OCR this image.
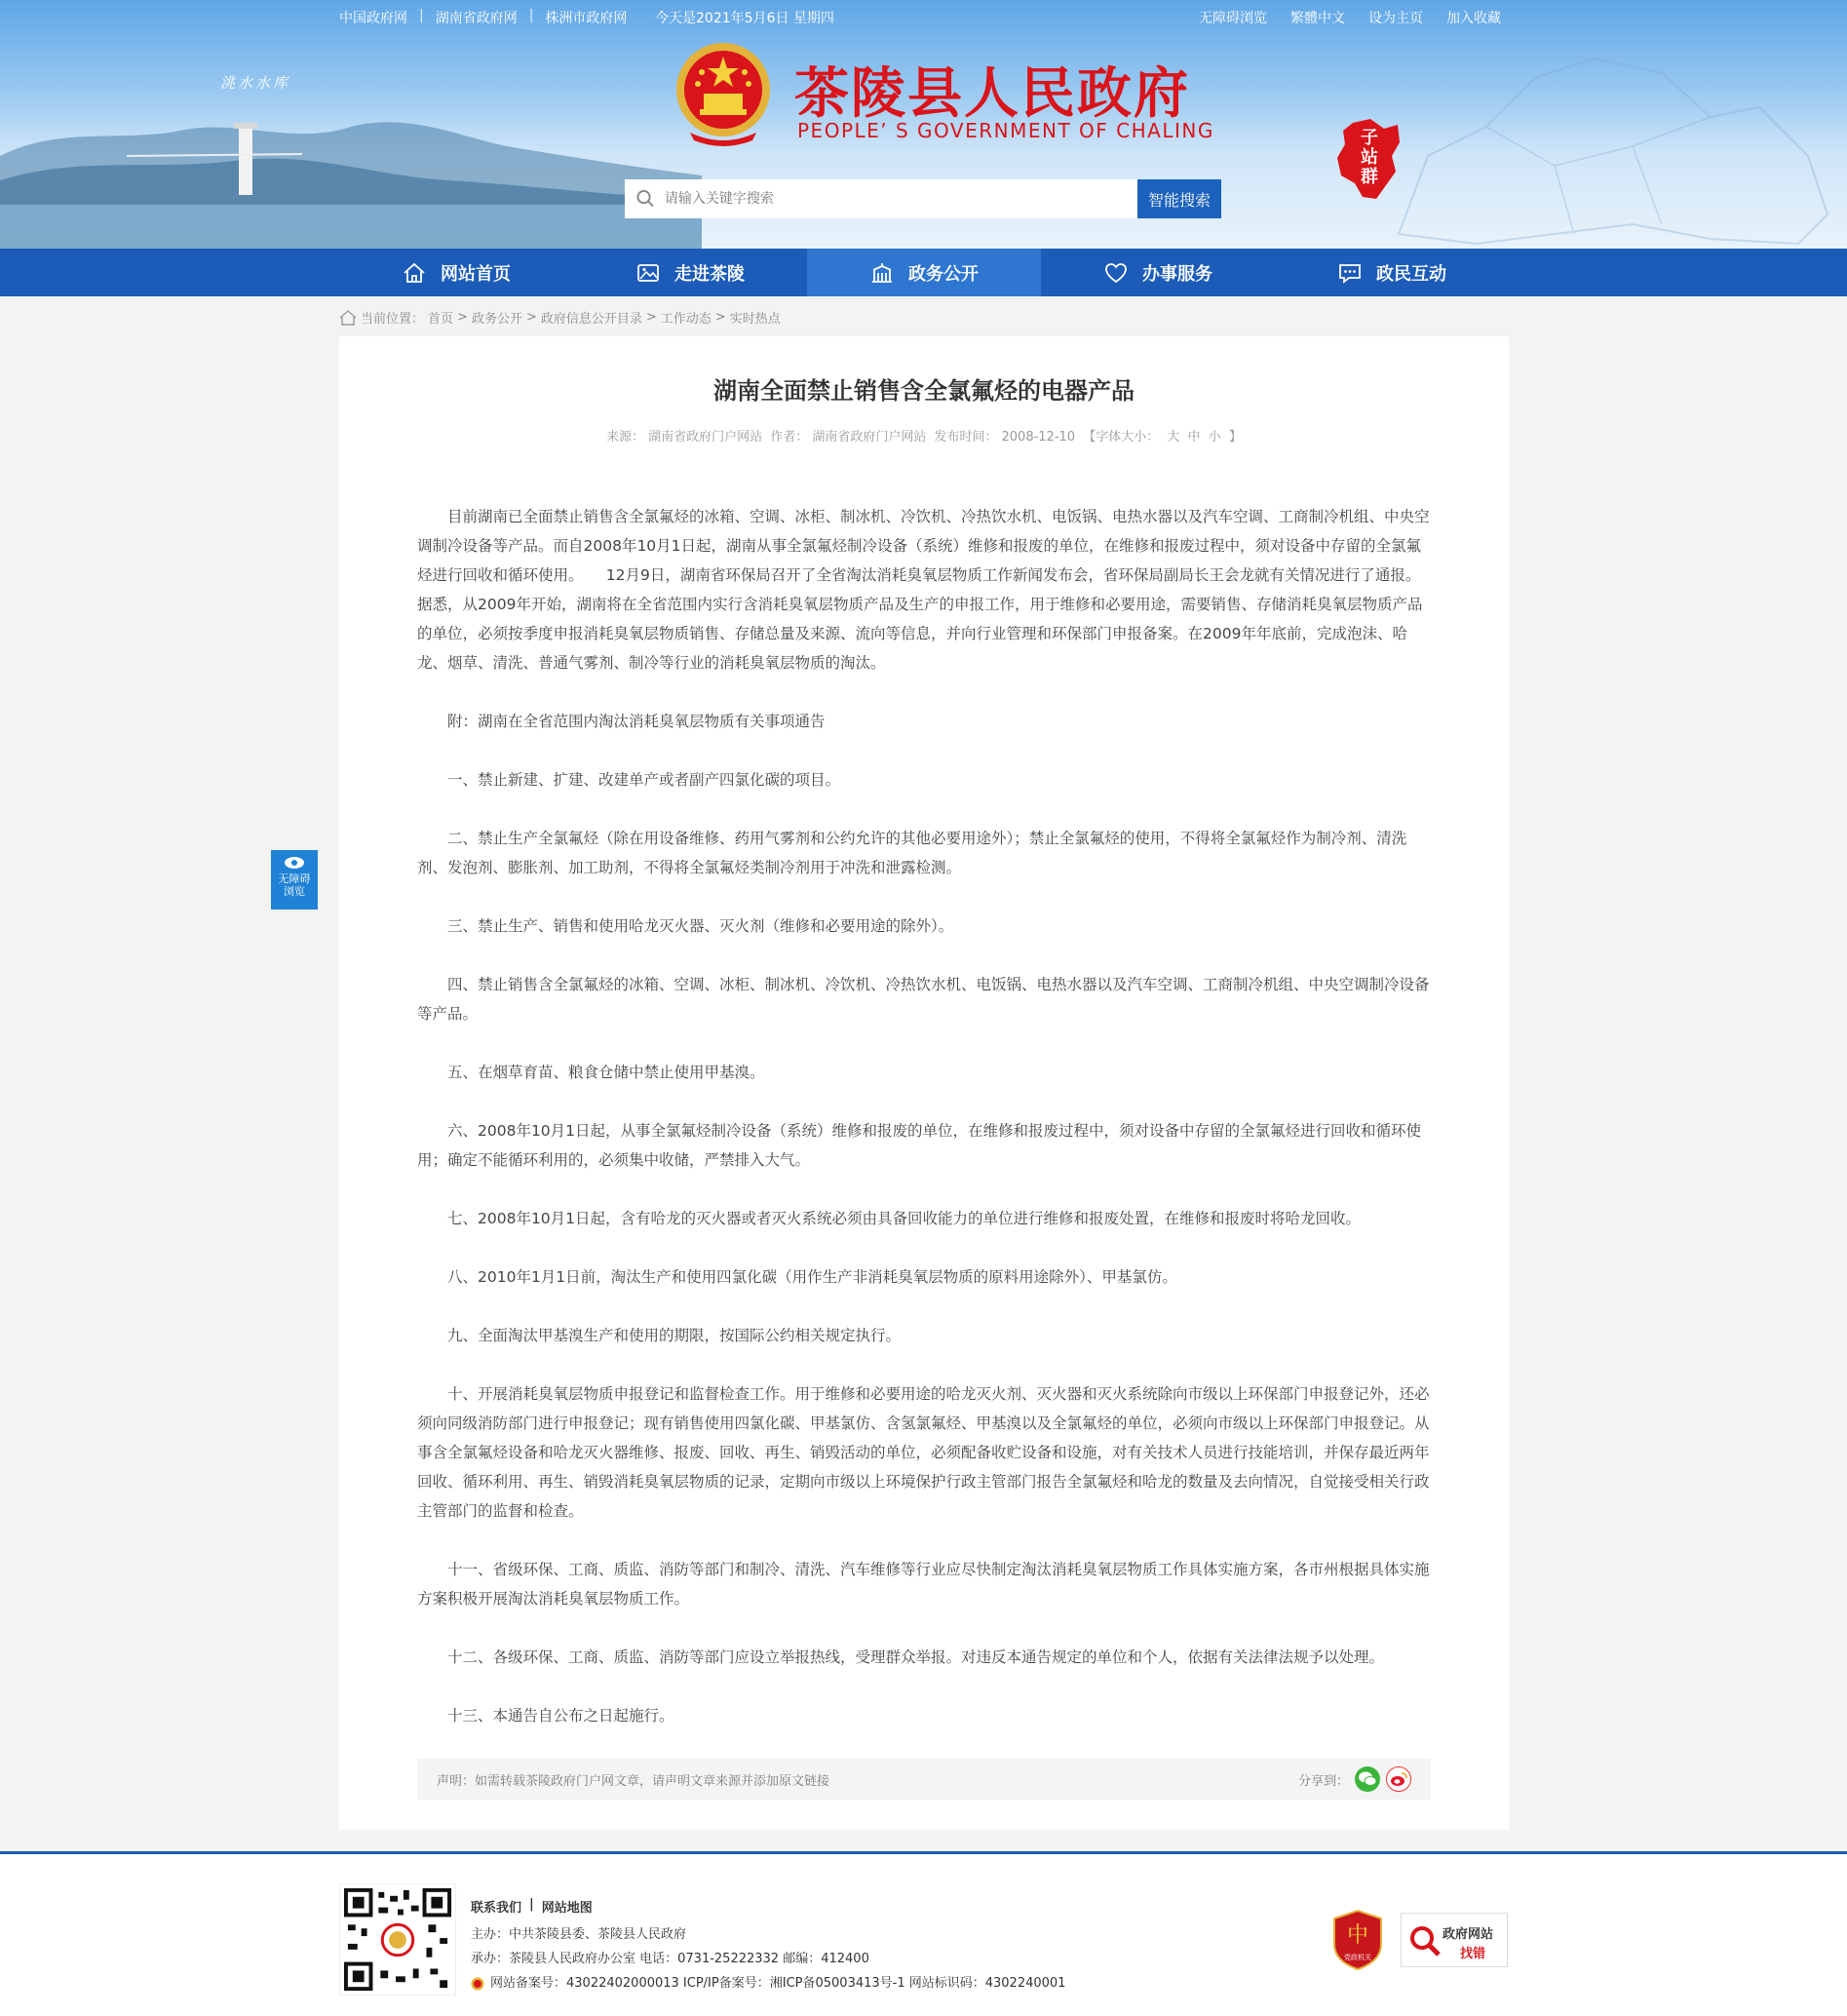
中国政府网 | 湖南省政府网 | 株洲市政府网 今天是2021年5月6日 星期四	无障碍浏览 繁體中文 设为主页 加入收藏
洮水水库	茶陵县人民政府
PEOPLE’ S GOVERNMENT OF CHALING	子站群
请输入关键字搜索
智能搜索
网站首页	走进茶陵	政务公开	办事服务	政民互动
当前位置： 首页 > 政务公开 > 政府信息公开目录 > 工作动态 > 实时热点
无障碍
浏览
湖南全面禁止销售含全氯氟烃的电器产品
来源： 湖南省政府门户网站 作者： 湖南省政府门户网站 发布时间： 2008-12-10 【字体大小： 大 中 小 】

目前湖南已全面禁止销售含全氯氟烃的冰箱、空调、冰柜、制冰机、冷饮机、冷热饮水机、电饭锅、电热水器以及汽车空调、工商制冷机组、中央空调制冷设备等产品。而自2008年10月1日起，湖南从事全氯氟烃制冷设备（系统）维修和报废的单位，在维修和报废过程中，须对设备中存留的全氯氟烃进行回收和循环使用。　　12月9日，湖南省环保局召开了全省淘汰消耗臭氧层物质工作新闻发布会，省环保局副局长王会龙就有关情况进行了通报。　　据悉，从2009年开始，湖南将在全省范围内实行含消耗臭氧层物质产品及生产的申报工作，用于维修和必要用途，需要销售、存储消耗臭氧层物质产品的单位，必须按季度申报消耗臭氧层物质销售、存储总量及来源、流向等信息，并向行业管理和环保部门申报备案。在2009年年底前，完成泡沫、哈龙、烟草、清洗、普通气雾剂、制冷等行业的消耗臭氧层物质的淘汰。

附：湖南在全省范围内淘汰消耗臭氧层物质有关事项通告

一、禁止新建、扩建、改建单产或者副产四氯化碳的项目。

二、禁止生产全氯氟烃（除在用设备维修、药用气雾剂和公约允许的其他必要用途外）；禁止全氯氟烃的使用，不得将全氯氟烃作为制冷剂、清洗剂、发泡剂、膨胀剂、加工助剂，不得将全氯氟烃类制冷剂用于冲洗和泄露检测。

三、禁止生产、销售和使用哈龙灭火器、灭火剂（维修和必要用途的除外）。

四、禁止销售含全氯氟烃的冰箱、空调、冰柜、制冰机、冷饮机、冷热饮水机、电饭锅、电热水器以及汽车空调、工商制冷机组、中央空调制冷设备等产品。

五、在烟草育苗、粮食仓储中禁止使用甲基溴。

六、2008年10月1日起，从事全氯氟烃制冷设备（系统）维修和报废的单位，在维修和报废过程中，须对设备中存留的全氯氟烃进行回收和循环使用；确定不能循环利用的，必须集中收储，严禁排入大气。

七、2008年10月1日起，含有哈龙的灭火器或者灭火系统必须由具备回收能力的单位进行维修和报废处置，在维修和报废时将哈龙回收。

八、2010年1月1日前，淘汰生产和使用四氯化碳（用作生产非消耗臭氧层物质的原料用途除外）、甲基氯仿。

九、全面淘汰甲基溴生产和使用的期限，按国际公约相关规定执行。

十、开展消耗臭氧层物质申报登记和监督检查工作。用于维修和必要用途的哈龙灭火剂、灭火器和灭火系统除向市级以上环保部门申报登记外，还必须向同级消防部门进行申报登记；现有销售使用四氯化碳、甲基氯仿、含氢氯氟烃、甲基溴以及全氯氟烃的单位，必须向市级以上环保部门申报登记。从事含全氯氟烃设备和哈龙灭火器维修、报废、回收、再生、销毁活动的单位，必须配备收贮设备和设施，对有关技术人员进行技能培训，并保存最近两年回收、循环利用、再生、销毁消耗臭氧层物质的记录，定期向市级以上环境保护行政主管部门报告全氯氟烃和哈龙的数量及去向情况，自觉接受相关行政主管部门的监督和检查。

十一、省级环保、工商、质监、消防等部门和制冷、清洗、汽车维修等行业应尽快制定淘汰消耗臭氧层物质工作具体实施方案，各市州根据具体实施方案积极开展淘汰消耗臭氧层物质工作。

十二、各级环保、工商、质监、消防等部门应设立举报热线，受理群众举报。对违反本通告规定的单位和个人，依据有关法律法规予以处理。

十三、本通告自公布之日起施行。

声明：如需转载茶陵政府门户网文章，请声明文章来源并添加原文链接	分享到：
联系我们 | 网站地图
主办：中共茶陵县委、茶陵县人民政府
承办：茶陵县人民政府办公室 电话：0731-25222332 邮编：412400
网站备案号：43022402000013 ICP/IP备案号：湘ICP备05003413号-1 网站标识码：4302240001
中
党政机关
政府网站
找错
